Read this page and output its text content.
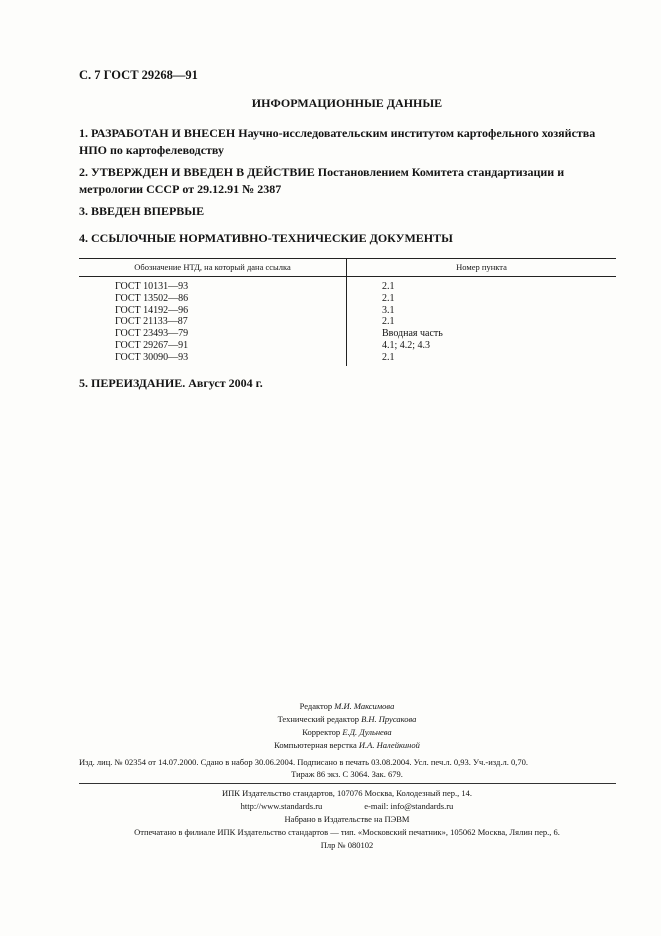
С. 7 ГОСТ 29268—91
ИНФОРМАЦИОННЫЕ ДАННЫЕ
1. РАЗРАБОТАН И ВНЕСЕН Научно-исследовательским институтом картофельного хозяйства НПО по картофелеводству
2. УТВЕРЖДЕН И ВВЕДЕН В ДЕЙСТВИЕ Постановлением Комитета стандартизации и метрологии СССР от 29.12.91 № 2387
3. ВВЕДЕН ВПЕРВЫЕ
4. ССЫЛОЧНЫЕ НОРМАТИВНО-ТЕХНИЧЕСКИЕ ДОКУМЕНТЫ
Обозначение НТД, на который дана ссылка	Номер пункта
ГОСТ 10131—93	2.1
ГОСТ 13502—86	2.1
ГОСТ 14192—96	3.1
ГОСТ 21133—87	2.1
ГОСТ 23493—79	Вводная часть
ГОСТ 29267—91	4.1; 4.2; 4.3
ГОСТ 30090—93	2.1
5. ПЕРЕИЗДАНИЕ. Август 2004 г.
Редактор М.И. Максимова
Технический редактор В.Н. Прусакова
Корректор Е.Д. Дульнева
Компьютерная верстка И.А. Налейкиной
Изд. лиц. № 02354 от 14.07.2000. Сдано в набор 30.06.2004. Подписано в печать 03.08.2004. Усл. печ.л. 0,93. Уч.-изд.л. 0,70.
Тираж 86 экз. С 3064. Зак. 679.
ИПК Издательство стандартов, 107076 Москва, Колодезный пер., 14.
http://www.standards.ru	e-mail: info@standards.ru
Набрано в Издательстве на ПЭВМ
Отпечатано в филиале ИПК Издательство стандартов — тип. «Московский печатник», 105062 Москва, Лялин пер., 6.
Плр № 080102
